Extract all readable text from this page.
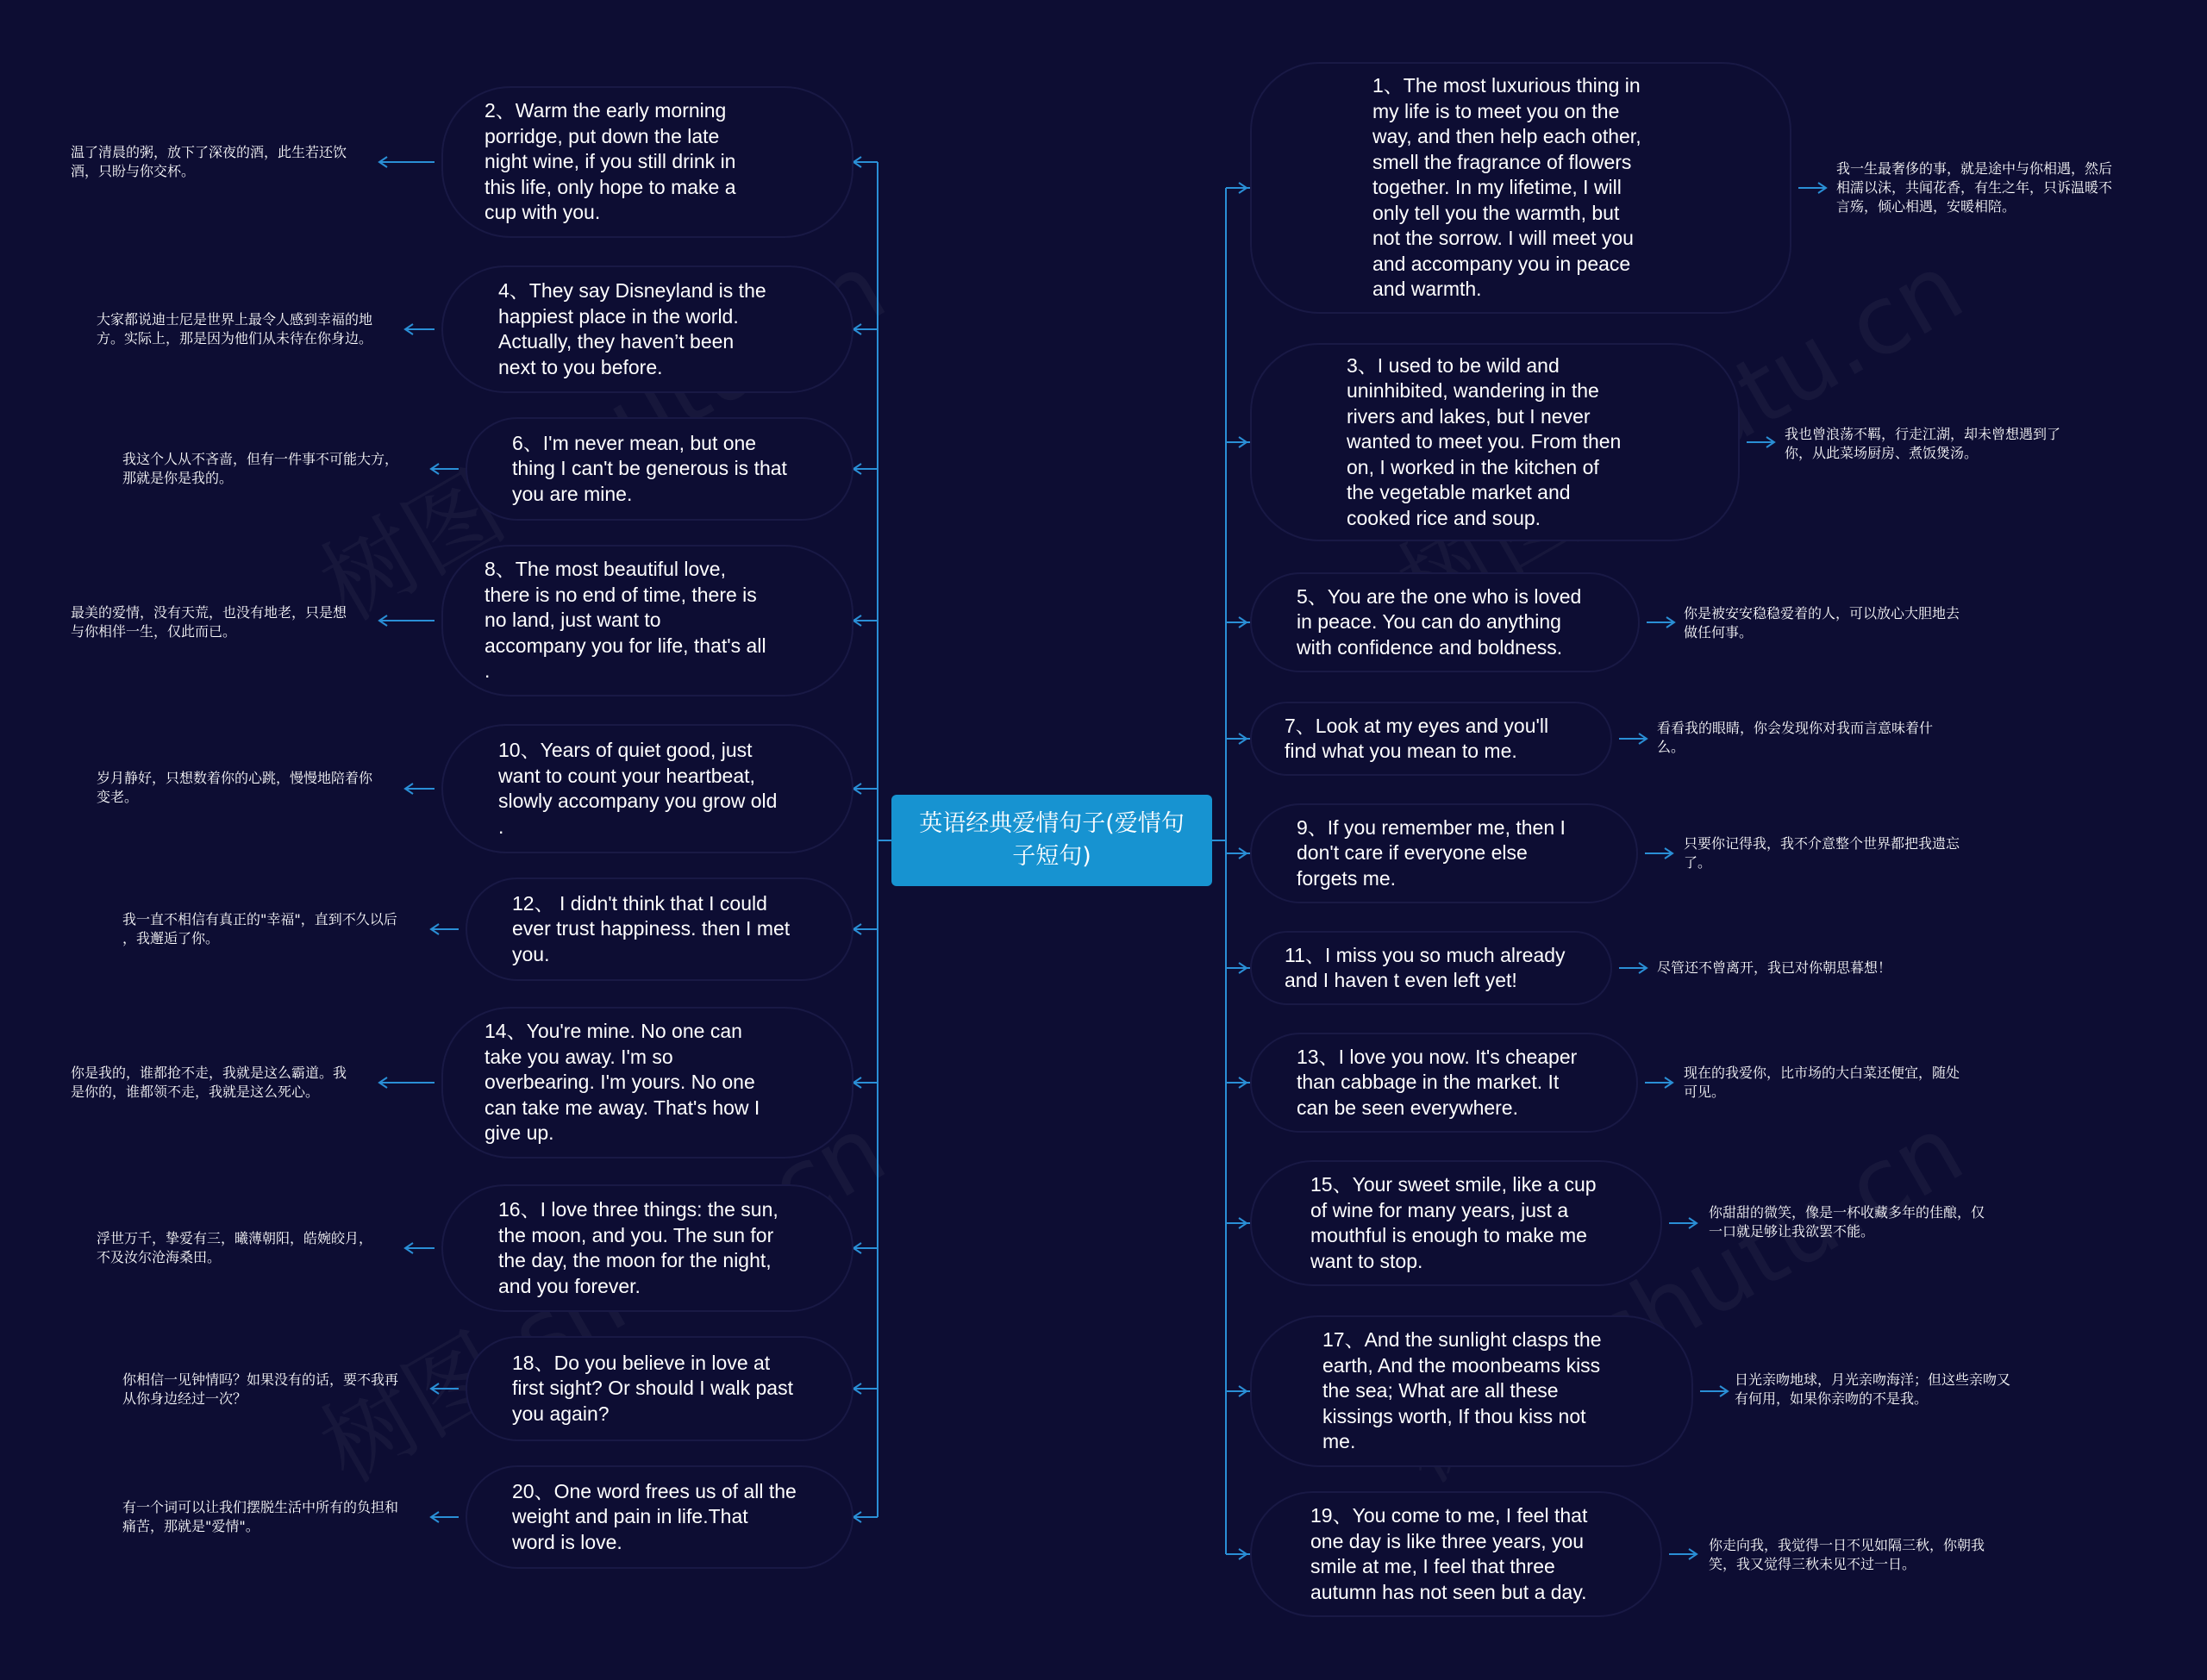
英语经典爱情句子(爱情句
子短句)
2、Warm the early morning
porridge, put down the late
night wine, if you still drink in
this life, only hope to make a
cup with you.
4、They say Disneyland is the
happiest place in the world.
Actually, they haven’t been
next to you before.
6、I'm never mean, but one
thing I can't be generous is that
you are mine.
8、The most beautiful love,
there is no end of time, there is
no land, just want to
accompany you for life, that's all
.
10、Years of quiet good, just
want to count your heartbeat,
slowly accompany you grow old
.
12、 I didn't think that I could
ever trust happiness. then I met
you.
14、You're mine. No one can
take you away. I'm so
overbearing. I'm yours. No one
can take me away. That's how I
give up.
16、I love three things: the sun,
the moon, and you. The sun for
the day, the moon for the night,
and you forever.
18、Do you believe in love at
first sight? Or should I walk past
you again?
20、One word frees us of all the
weight and pain in life.That
word is love.
温了清晨的粥，放下了深夜的酒，此生若还饮
酒，只盼与你交杯。
大家都说迪士尼是世界上最令人感到幸福的地
方。实际上，那是因为他们从未待在你身边。
我这个人从不吝啬，但有一件事不可能大方，
那就是你是我的。
最美的爱情，没有天荒，也没有地老，只是想
与你相伴一生，仅此而已。
岁月静好，只想数着你的心跳，慢慢地陪着你
变老。
我一直不相信有真正的"幸福"，直到不久以后
，我邂逅了你。
你是我的，谁都抢不走，我就是这么霸道。我
是你的，谁都领不走，我就是这么死心。
浮世万千，挚爱有三，曦薄朝阳，皓婉皎月，
不及汝尔沧海桑田。
你相信一见钟情吗？如果没有的话，要不我再
从你身边经过一次？
有一个词可以让我们摆脱生活中所有的负担和
痛苦，那就是"爱情"。
1、The most luxurious thing in
my life is to meet you on the
way, and then help each other,
smell the fragrance of flowers
together. In my lifetime, I will
only tell you the warmth, but
not the sorrow. I will meet you
and accompany you in peace
and warmth.
3、I used to be wild and
uninhibited, wandering in the
rivers and lakes, but I never
wanted to meet you. From then
on, I worked in the kitchen of
the vegetable market and
cooked rice and soup.
5、You are the one who is loved
in peace. You can do anything
with confidence and boldness.
7、Look at my eyes and you'll
find what you mean to me.
9、If you remember me, then I
don't care if everyone else
forgets me.
11、I miss you so much already
and I haven t even left yet!
13、I love you now. It's cheaper
than cabbage in the market. It
can be seen everywhere.
15、Your sweet smile, like a cup
of wine for many years, just a
mouthful is enough to make me
want to stop.
17、And the sunlight clasps the
earth, And the moonbeams kiss
the sea; What are all these
kissings worth, If thou kiss not
me.
19、You come to me, I feel that
one day is like three years, you
smile at me, I feel that three
autumn has not seen but a day.
我一生最奢侈的事，就是途中与你相遇，然后
相濡以沫，共闻花香，有生之年，只诉温暖不
言殇，倾心相遇，安暖相陪。
我也曾浪荡不羁，行走江湖，却未曾想遇到了
你，从此菜场厨房、煮饭煲汤。
你是被安安稳稳爱着的人，可以放心大胆地去
做任何事。
看看我的眼睛，你会发现你对我而言意味着什
么。
只要你记得我，我不介意整个世界都把我遗忘
了。
尽管还不曾离开，我已对你朝思暮想！
现在的我爱你，比市场的大白菜还便宜，随处
可见。
你甜甜的微笑，像是一杯收藏多年的佳酿，仅
一口就足够让我欲罢不能。
日光亲吻地球，月光亲吻海洋；但这些亲吻又
有何用，如果你亲吻的不是我。
你走向我，我觉得一日不见如隔三秋，你朝我
笑，我又觉得三秋未见不过一日。
